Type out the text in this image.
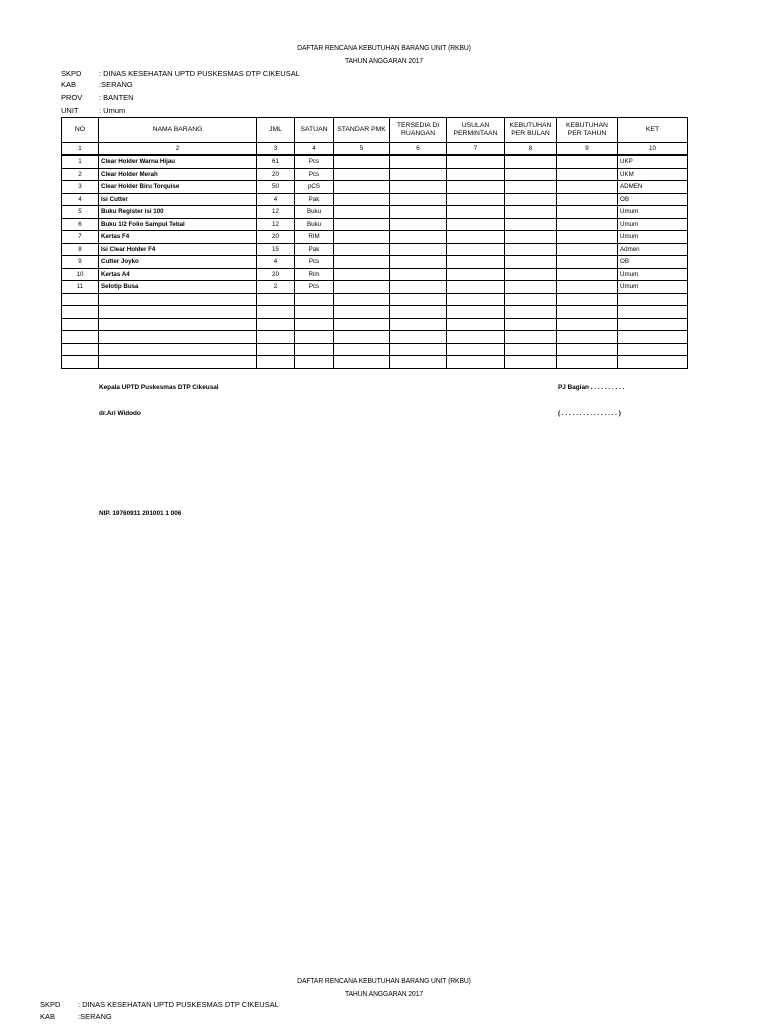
DAFTAR RENCANA KEBUTUHAN BARANG UNIT (RKBU)
TAHUN ANGGARAN 2017
SKPD : DINAS KESEHATAN UPTD PUSKESMAS DTP CIKEUSAL
KAB	:SERANG
PROV : BANTEN
UNIT	: Umum
NO	NAMA BARANG	JML	SATUAN	STANDAR PMK	TERSEDIA DI RUANGAN	USULAN PERMINTAAN	KEBUTUHAN PER BULAN	KEBUTUHAN PER TAHUN	KET
1	2	3	4	5	6	7	8	9	10
1	Clear Holder Warna Hijau	61	Pcs						UKP
2	Clear Holder Merah	20	Pcs						UKM
3	Clear Holder Biru Torquise	50	pCS						ADMEN
4	Isi Cutter	4	Pak						OB
5	Buku Register isi 100	12	Buku						Umum
6	Buku 1/2 Folio Sampul Tebal	12	Buku						Umum
7	Kertas F4	20	RIM						Umum
8	Isi Clear Holder F4	15	Pak						Admen
9	Cutter Joyko	4	Pcs						OB
10	Kertas A4	20	Rim						Umum
11	Selotip Busa	2	Pcs						Umum

Kepala UPTD Puskesmas DTP Cikeusal	PJ Bagian . . . . . . . . . .
dr.Ari Widodo	( . . . . . . . . . . . . . . . . )
NIP. 19760911 201001 1 006
DAFTAR RENCANA KEBUTUHAN BARANG UNIT (RKBU)
TAHUN ANGGARAN 2017
SKPD : DINAS KESEHATAN UPTD PUSKESMAS DTP CIKEUSAL
KAB	:SERANG
